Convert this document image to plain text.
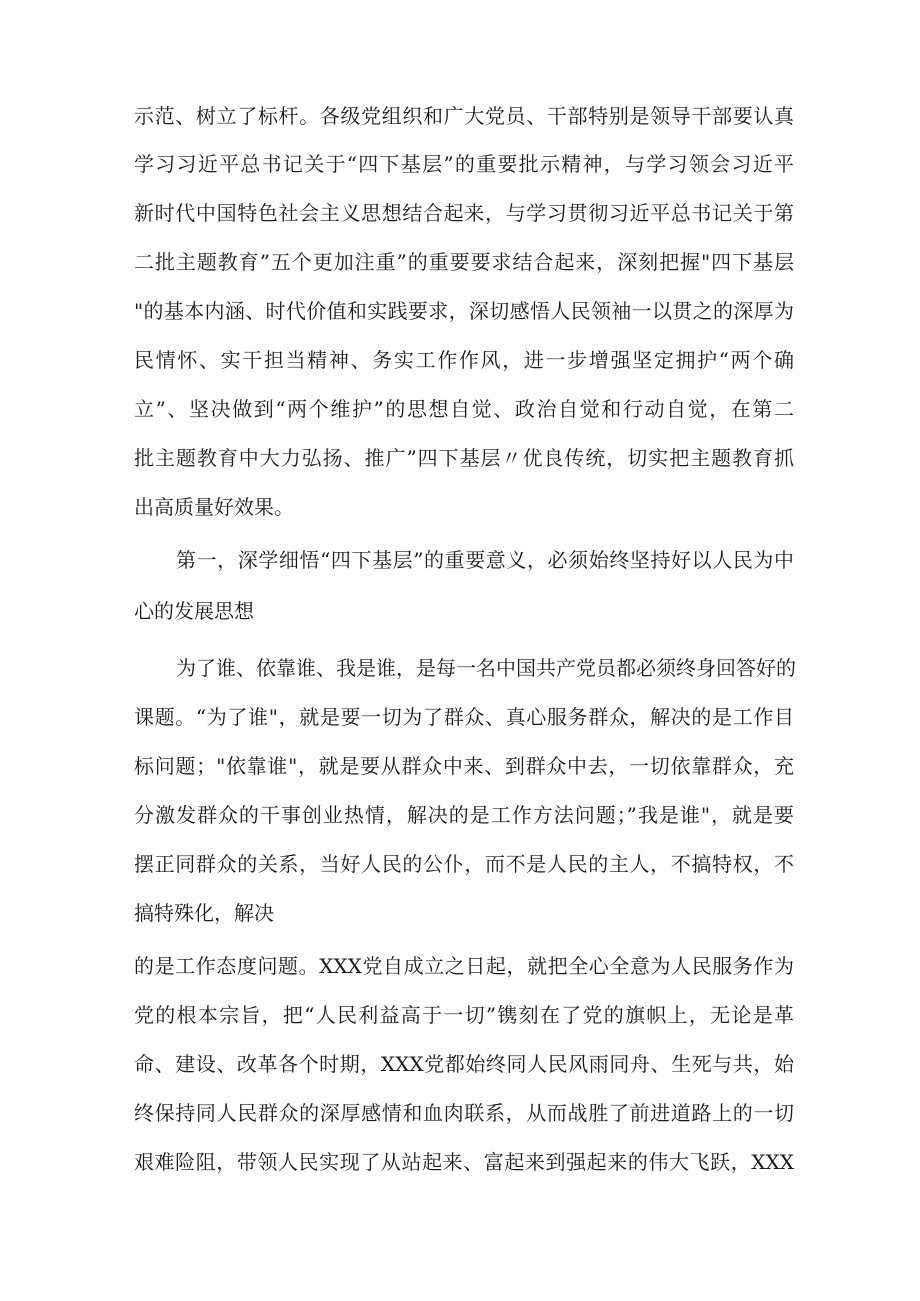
示范、树立了标杆。各级党组织和广大党员、干部特别是领导干部要认真
学习习近平总书记关于“四下基层”的重要批示精神，与学习领会习近平
新时代中国特色社会主义思想结合起来，与学习贯彻习近平总书记关于第
二批主题教育”五个更加注重”的重要要求结合起来，深刻把握"四下基层
"的基本内涵、时代价值和实践要求，深切感悟人民领袖一以贯之的深厚为
民情怀、实干担当精神、务实工作作风，进一步增强坚定拥护“两个确
立”、坚决做到“两个维护”的思想自觉、政治自觉和行动自觉，在第二
批主题教育中大力弘扬、推广”四下基层〃优良传统，切实把主题教育抓
出高质量好效果。
第一，深学细悟“四下基层”的重要意义，必须始终坚持好以人民为中
心的发展思想
为了谁、依靠谁、我是谁，是每一名中国共产党员都必须终身回答好的
课题。“为了谁"，就是要一切为了群众、真心服务群众，解决的是工作目
标问题；"依靠谁"，就是要从群众中来、到群众中去，一切依靠群众，充
分激发群众的干事创业热情，解决的是工作方法问题；”我是谁"，就是要
摆正同群众的关系，当好人民的公仆，而不是人民的主人，不搞特权，不
搞特殊化，解决
的是工作态度问题。XXX党自成立之日起，就把全心全意为人民服务作为
党的根本宗旨，把“人民利益高于一切”镌刻在了党的旗帜上，无论是革
命、建设、改革各个时期，XXX党都始终同人民风雨同舟、生死与共，始
终保持同人民群众的深厚感情和血肉联系，从而战胜了前进道路上的一切
艰难险阻，带领人民实现了从站起来、富起来到强起来的伟大飞跃，XXX
